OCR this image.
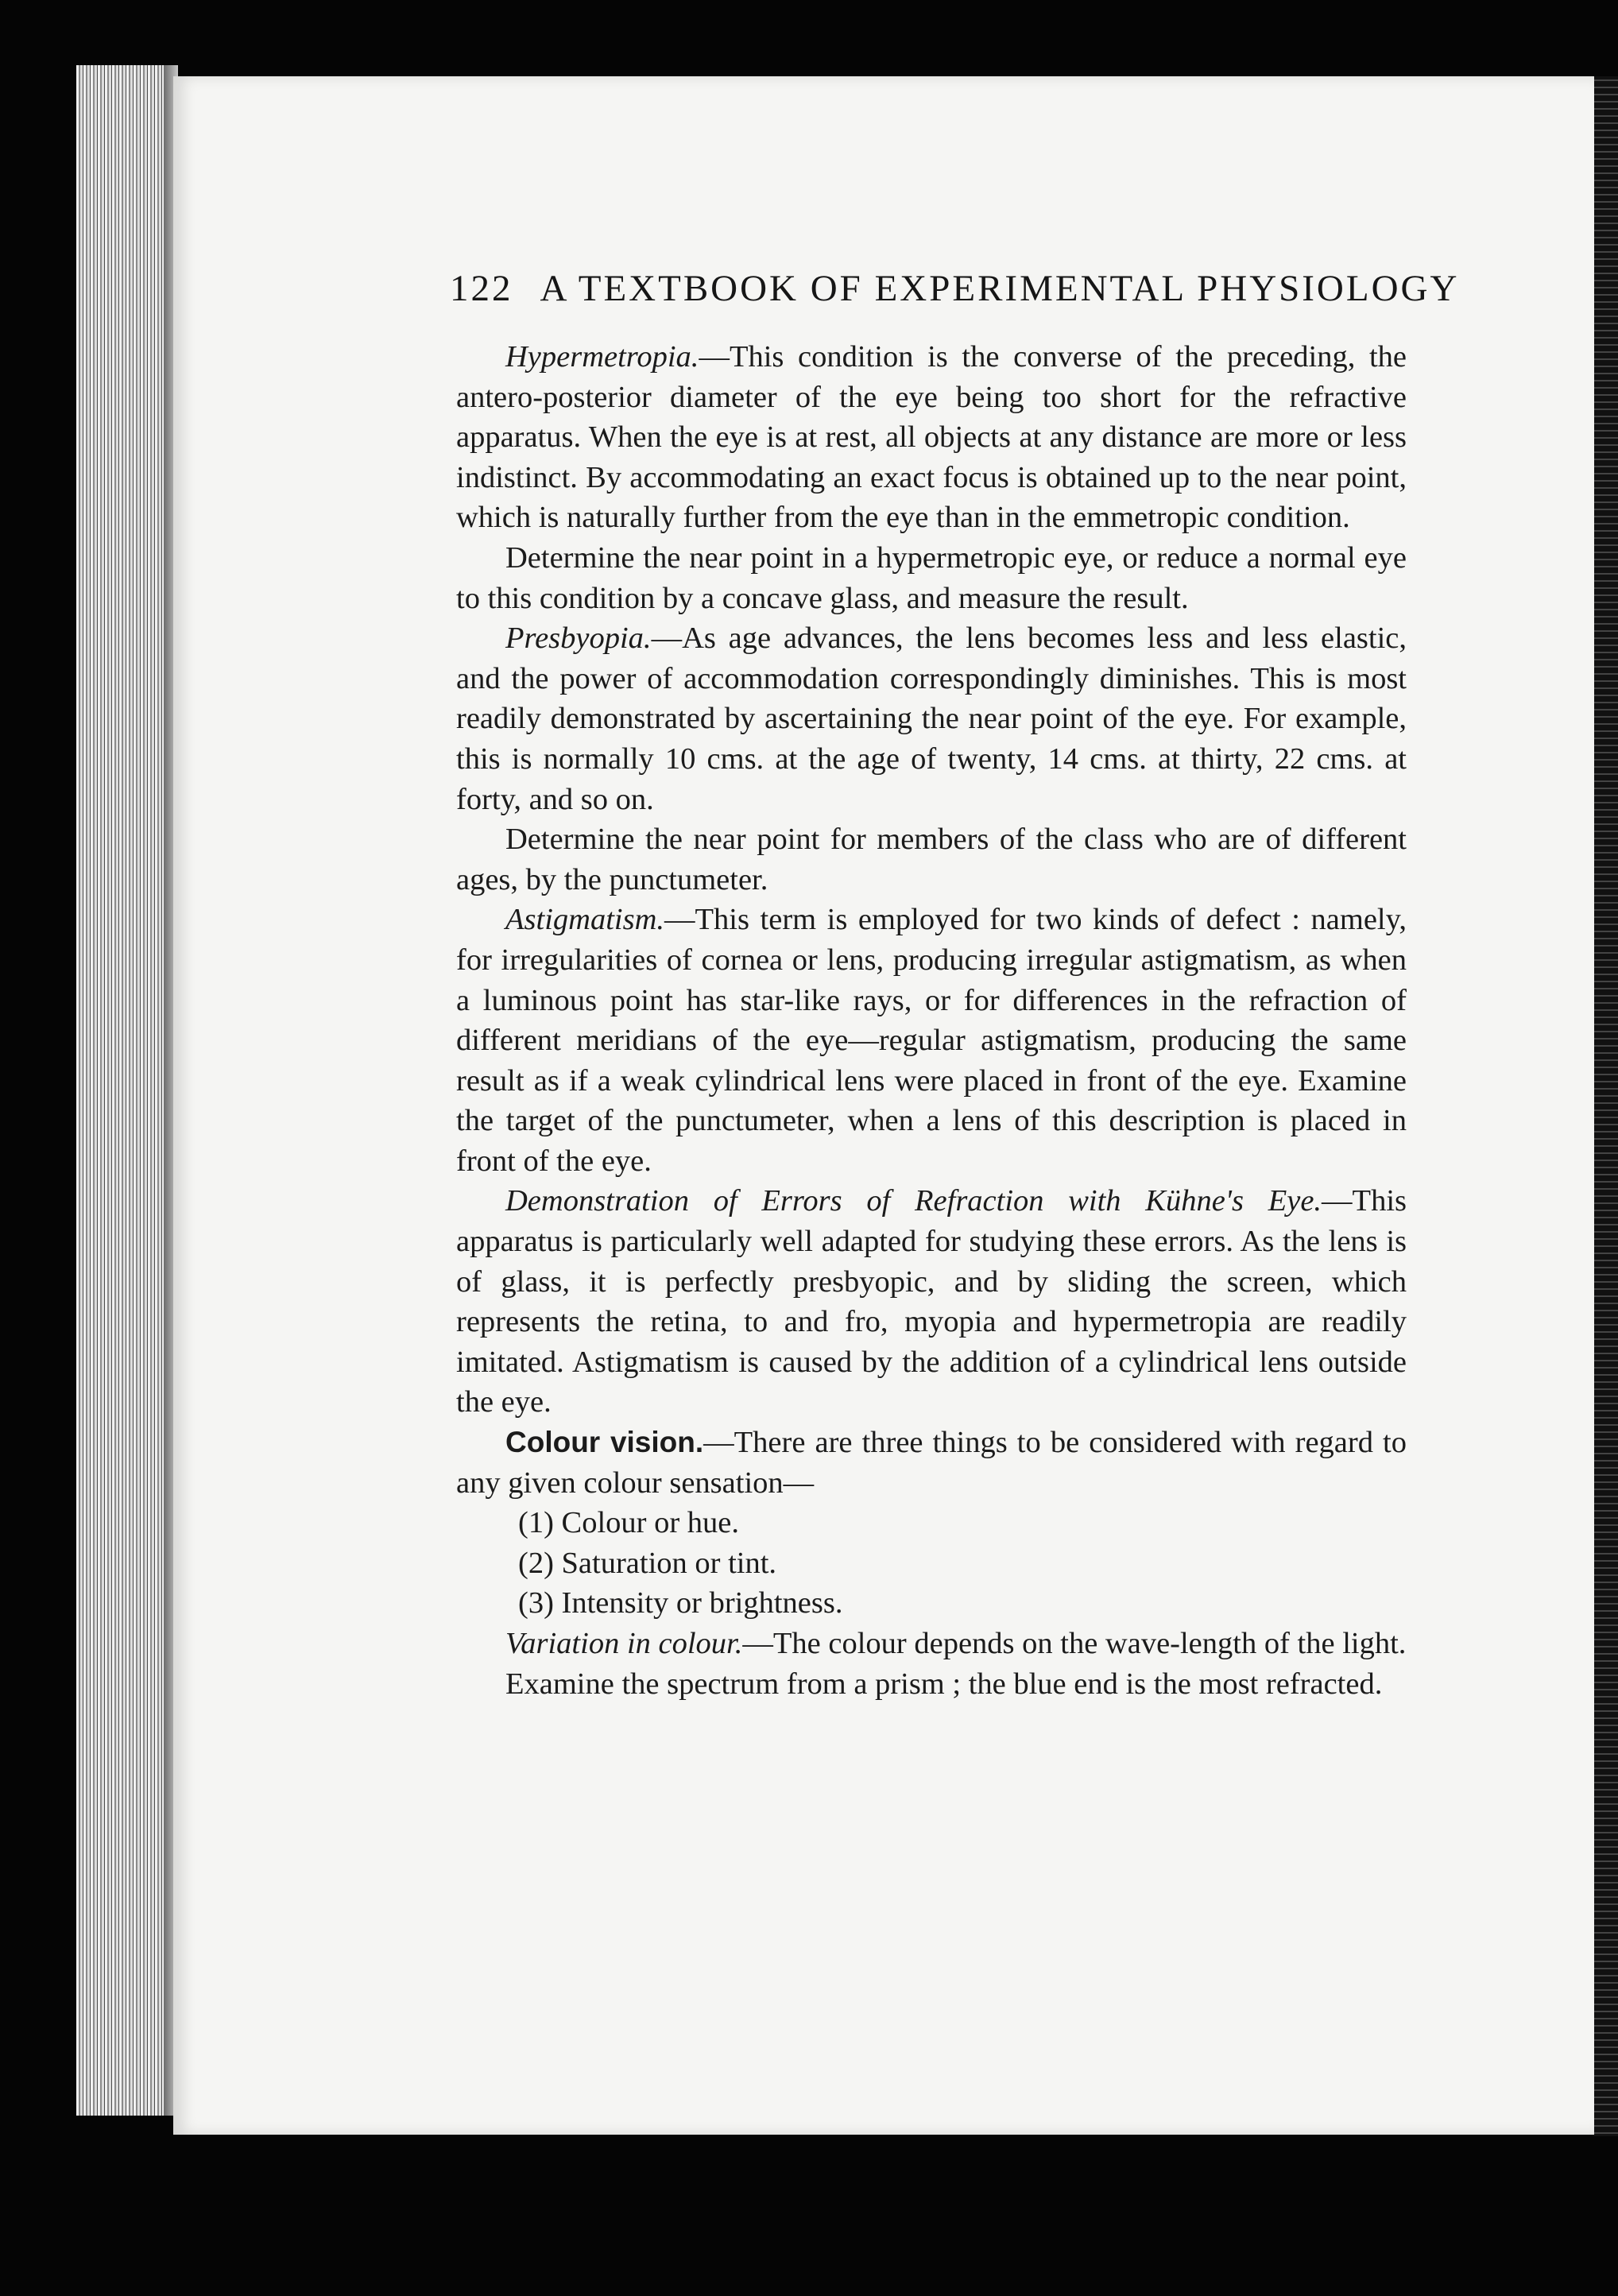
122 A TEXTBOOK OF EXPERIMENTAL PHYSIOLOGY

Hypermetropia.—This condition is the converse of the preceding, the antero-posterior diameter of the eye being too short for the refractive apparatus. When the eye is at rest, all objects at any distance are more or less indistinct. By accommodating an exact focus is obtained up to the near point, which is naturally further from the eye than in the emmetropic condition.

Determine the near point in a hypermetropic eye, or reduce a normal eye to this condition by a concave glass, and measure the result.

Presbyopia.—As age advances, the lens becomes less and less elastic, and the power of accommodation correspondingly diminishes. This is most readily demonstrated by ascertaining the near point of the eye. For example, this is normally 10 cms. at the age of twenty, 14 cms. at thirty, 22 cms. at forty, and so on.

Determine the near point for members of the class who are of different ages, by the punctumeter.

Astigmatism.—This term is employed for two kinds of defect : namely, for irregularities of cornea or lens, producing irregular astigmatism, as when a luminous point has star-like rays, or for differences in the refraction of different meridians of the eye—regular astigmatism, producing the same result as if a weak cylindrical lens were placed in front of the eye. Examine the target of the punctumeter, when a lens of this description is placed in front of the eye.

Demonstration of Errors of Refraction with Kühne's Eye.—This apparatus is particularly well adapted for studying these errors. As the lens is of glass, it is perfectly presbyopic, and by sliding the screen, which represents the retina, to and fro, myopia and hypermetropia are readily imitated. Astigmatism is caused by the addition of a cylindrical lens outside the eye.

Colour vision.—There are three things to be considered with regard to any given colour sensation—

(1) Colour or hue.

(2) Saturation or tint.

(3) Intensity or brightness.

Variation in colour.—The colour depends on the wave-length of the light.

Examine the spectrum from a prism ; the blue end is the most refracted.
